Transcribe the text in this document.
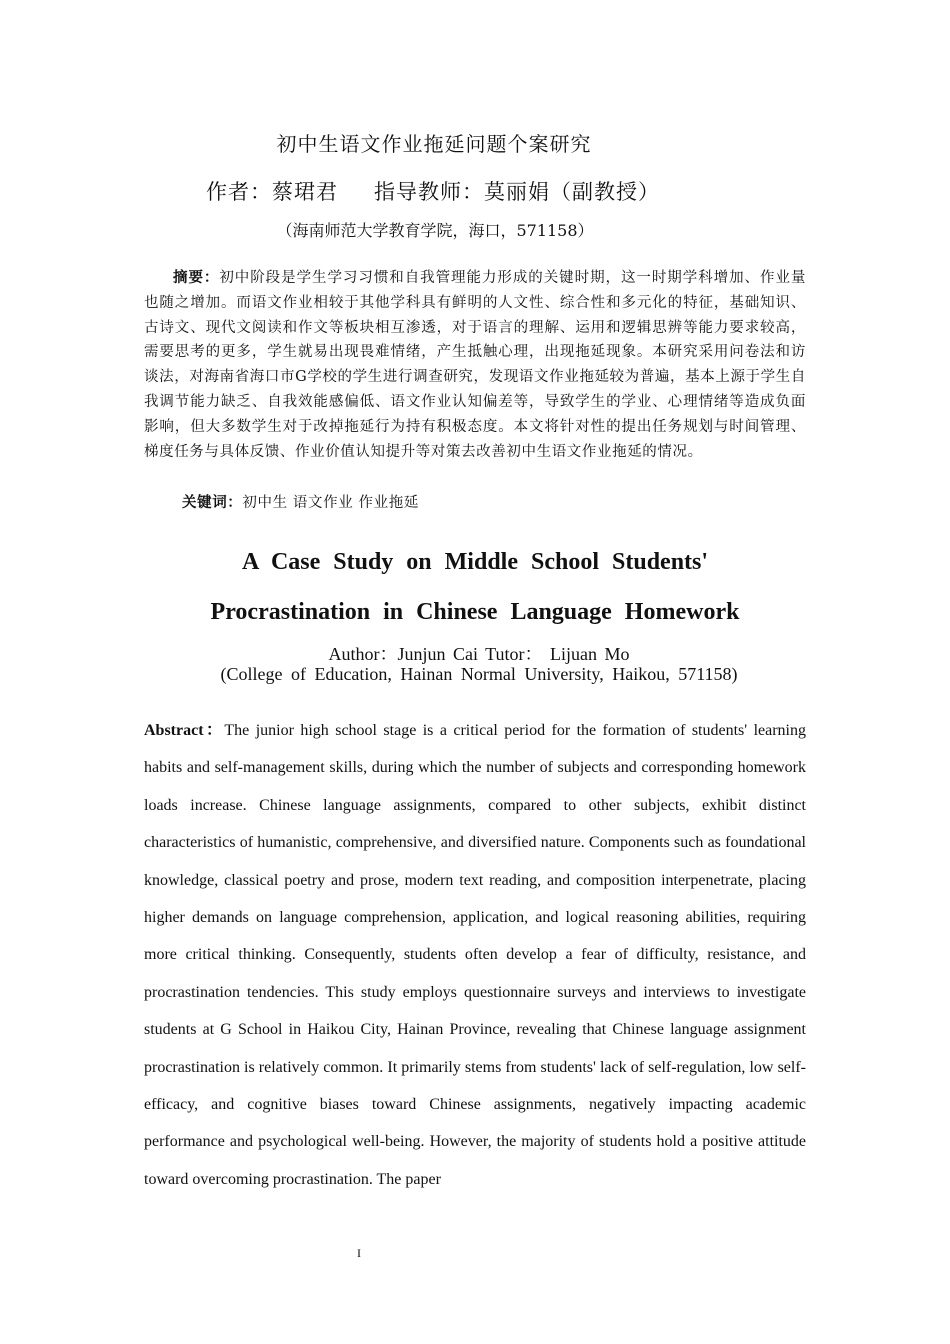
初中生语文作业拖延问题个案研究
作者：蔡珺君 指导教师：莫丽娟（副教授）
（海南师范大学教育学院，海口，571158）
摘要：初中阶段是学生学习习惯和自我管理能力形成的关键时期，这一时期学科增加、作业量也随之增加。而语文作业相较于其他学科具有鲜明的人文性、综合性和多元化的特征，基础知识、古诗文、现代文阅读和作文等板块相互渗透，对于语言的理解、运用和逻辑思辨等能力要求较高，需要思考的更多，学生就易出现畏难情绪，产生抵触心理，出现拖延现象。本研究采用问卷法和访谈法，对海南省海口市G学校的学生进行调查研究，发现语文作业拖延较为普遍，基本上源于学生自我调节能力缺乏、自我效能感偏低、语文作业认知偏差等，导致学生的学业、心理情绪等造成负面影响，但大多数学生对于改掉拖延行为持有积极态度。本文将针对性的提出任务规划与时间管理、梯度任务与具体反馈、作业价值认知提升等对策去改善初中生语文作业拖延的情况。
关键词：初中生 语文作业 作业拖延
A Case Study on Middle School Students'
Procrastination in Chinese Language Homework
Author：Junjun Cai Tutor： Lijuan Mo
(College of Education, Hainan Normal University, Haikou, 571158)
Abstract：The junior high school stage is a critical period for the formation of students' learning habits and self-management skills, during which the number of subjects and corresponding homework loads increase. Chinese language assignments, compared to other subjects, exhibit distinct characteristics of humanistic, comprehensive, and diversified nature. Components such as foundational knowledge, classical poetry and prose, modern text reading, and composition interpenetrate, placing higher demands on language comprehension, application, and logical reasoning abilities, requiring more critical thinking. Consequently, students often develop a fear of difficulty, resistance, and procrastination tendencies. This study employs questionnaire surveys and interviews to investigate students at G School in Haikou City, Hainan Province, revealing that Chinese language assignment procrastination is relatively common. It primarily stems from students' lack of self-regulation, low self-efficacy, and cognitive biases toward Chinese assignments, negatively impacting academic performance and psychological well-being. However, the majority of students hold a positive attitude toward overcoming procrastination. The paper
I
